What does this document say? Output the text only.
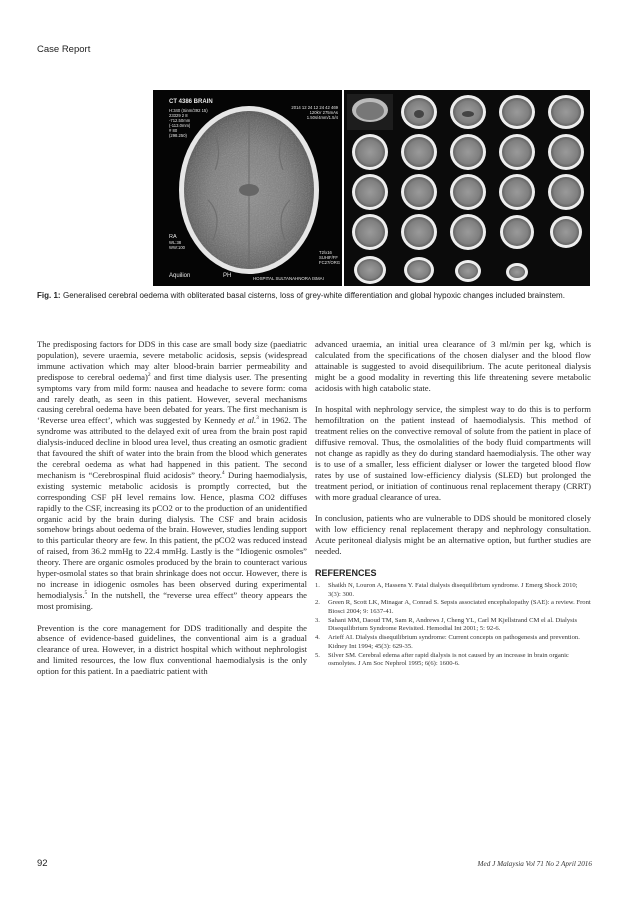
Case Report
CT 4386 BRAIN
H:340 (Sinm/392 15)
23329 2 8
-712.50mm
(-113.0mm)
# 80
(298.250)
2014 12 24 12 24 42 469
120kV 275mAs
1.50s/4mm/1.5/4
T2/x16
SUHIF/FF
FC27/ORG
RA
WL:38
WW:100
Aquilion	PH	HOSPITAL SULTANAHNORA ISMAI
Fig. 1: Generalised cerebral oedema with obliterated basal cisterns, loss of grey-white differentiation and global hypoxic changes included brainstem.

The predisposing factors for DDS in this case are small body size (paediatric population), severe uraemia, severe metabolic acidosis, sepsis (widespread immune activation which may alter blood-brain barrier permeability and predispose to cerebral oedema)$^2$ and first time dialysis user. The presenting symptoms vary from mild form: nausea and headache to severe form: coma and rarely death, as seen in this patient. However, several mechanisms causing cerebral oedema have been debated for years. The first mechanism is ‘Reverse urea effect’, which was suggested by Kennedy et al.$^3$ in 1962. The syndrome was attributed to the delayed exit of urea from the brain post rapid dialysis-induced decline in blood urea level, thus creating an osmotic gradient that favoured the shift of water into the brain from the blood which generates the cerebral oedema as what had happened in this patient. The second mechanism is “Cerebrospinal fluid acidosis” theory.$^4$ During haemodialysis, existing systemic metabolic acidosis is promptly corrected, but the corresponding CSF pH level remains low. Hence, plasma CO2 diffuses rapidly to the CSF, increasing its pCO2 or to the production of an unidentified organic acid by the brain during dialysis. The CSF and brain acidosis somehow brings about oedema of the brain. However, studies lending support to this particular theory are few. In this patient, the pCO2 was reduced instead of raised, from 36.2 mmHg to 22.4 mmHg. Lastly is the “Idiogenic osmoles” theory. There are organic osmoles produced by the brain to counteract various hyper-osmolal states so that brain shrinkage does not occur. However, there is no increase in idiogenic osmoles has been observed during experimental hemodialysis.$^5$ In the nutshell, the “reverse urea effect” theory appears the most promising.

Prevention is the core management for DDS traditionally and despite the absence of evidence-based guidelines, the conventional aim is a gradual clearance of urea. However, in a district hospital which without nephrologist and limited resources, the low flux conventional haemodialysis is the only option for this patient. In a paediatric patient with

advanced uraemia, an initial urea clearance of 3 ml/min per kg, which is calculated from the specifications of the chosen dialyser and the blood flow attainable is suggested to avoid disequilibrium. The acute peritoneal dialysis might be a good modality in reverting this life threatening severe metabolic acidosis with high catabolic state.

In hospital with nephrology service, the simplest way to do this is to perform hemofiltration on the patient instead of haemodialysis. This method of treatment relies on the convective removal of solute from the patient in place of diffusive removal. Thus, the osmolalities of the body fluid compartments will not change as rapidly as they do during standard haemodialysis. The other way is to use of a smaller, less efficient dialyser or lower the targeted blood flow rates by use of sustained low-efficiency dialysis (SLED) but prolonged the treatment period, or initiation of continuous renal replacement therapy (CRRT) with more gradual clearance of urea.

In conclusion, patients who are vulnerable to DDS should be monitored closely with low efficiency renal replacement therapy and nephrology consultation. Acute peritoneal dialysis might be an alternative option, but further studies are needed.

REFERENCES
1. Shaikh N, Louron A, Hassens Y. Fatal dialysis disequilibrium syndrome. J Emerg Shock 2010; 3(3): 300.
2. Green R, Scott LK, Minagar A, Conrad S. Sepsis associated encephalopathy (SAE): a review. Front Biosci 2004; 9: 1637-41.
3. Sahani MM, Daoud TM, Sam R, Andrews J, Cheng YL, Carl M Kjellstrand CM el al. Dialysis Disequilibrium Syndrome Revisited. Hemodial Int 2001; 5: 92-6.
4. Arieff AI. Dialysis disequilibrium syndrome: Current concepts on pathogenesis and prevention. Kidney Int 1994; 45(3): 629-35.
5. Silver SM. Cerebral edema after rapid dialysis is not caused by an increase in brain organic osmolytes. J Am Soc Nephrol 1995; 6(6): 1600-6.
92	Med J Malaysia Vol 71 No 2 April 2016
